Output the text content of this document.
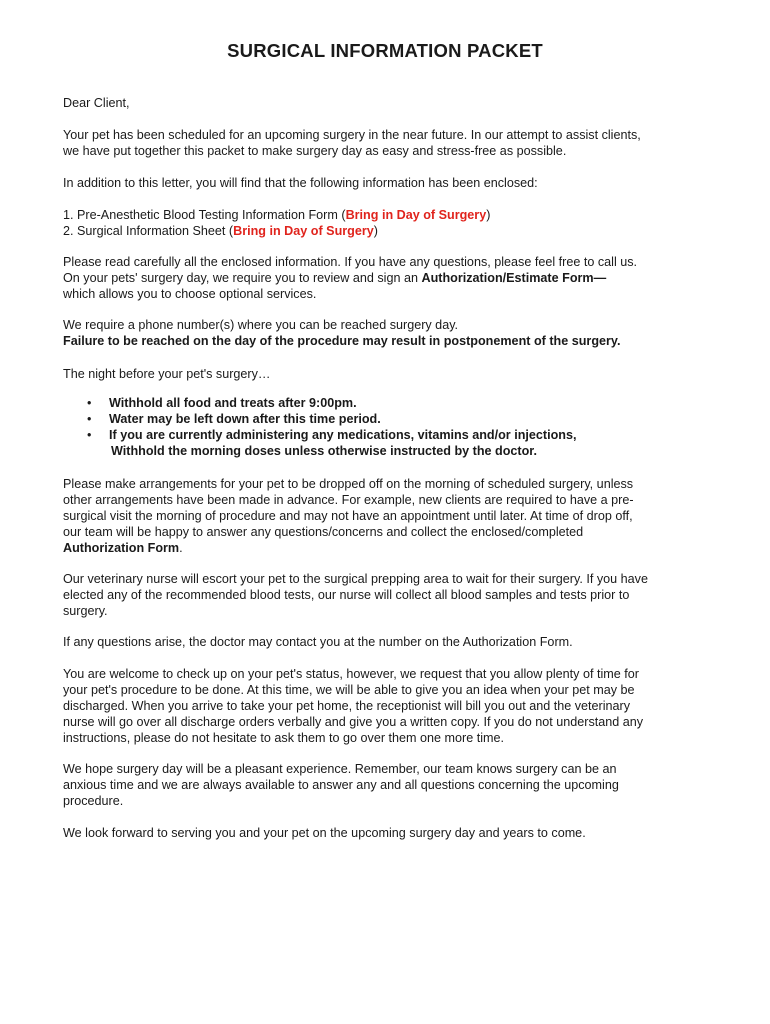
SURGICAL INFORMATION PACKET

Dear Client,

Your pet has been scheduled for an upcoming surgery in the near future. In our attempt to assist clients,

we have put together this packet to make surgery day as easy and stress-free as possible.

In addition to this letter, you will find that the following information has been enclosed:

1. Pre-Anesthetic Blood Testing Information Form (Bring in Day of Surgery)

2. Surgical Information Sheet (Bring in Day of Surgery)

Please read carefully all the enclosed information. If you have any questions, please feel free to call us.

On your pets' surgery day, we require you to review and sign an Authorization/Estimate Form—

which allows you to choose optional services.

We require a phone number(s) where you can be reached surgery day.

Failure to be reached on the day of the procedure may result in postponement of the surgery.

The night before your pet's surgery…

• Withhold all food and treats after 9:00pm.
• Water may be left down after this time period.
• If you are currently administering any medications, vitamins and/or injections,
Withhold the morning doses unless otherwise instructed by the doctor.

Please make arrangements for your pet to be dropped off on the morning of scheduled surgery, unless

other arrangements have been made in advance. For example, new clients are required to have a pre-

surgical visit the morning of procedure and may not have an appointment until later. At time of drop off,

our team will be happy to answer any questions/concerns and collect the enclosed/completed

Authorization Form.

Our veterinary nurse will escort your pet to the surgical prepping area to wait for their surgery. If you have

elected any of the recommended blood tests, our nurse will collect all blood samples and tests prior to

surgery.

If any questions arise, the doctor may contact you at the number on the Authorization Form.

You are welcome to check up on your pet's status, however, we request that you allow plenty of time for

your pet's procedure to be done. At this time, we will be able to give you an idea when your pet may be

discharged. When you arrive to take your pet home, the receptionist will bill you out and the veterinary

nurse will go over all discharge orders verbally and give you a written copy. If you do not understand any

instructions, please do not hesitate to ask them to go over them one more time.

We hope surgery day will be a pleasant experience. Remember, our team knows surgery can be an

anxious time and we are always available to answer any and all questions concerning the upcoming

procedure.

We look forward to serving you and your pet on the upcoming surgery day and years to come.
